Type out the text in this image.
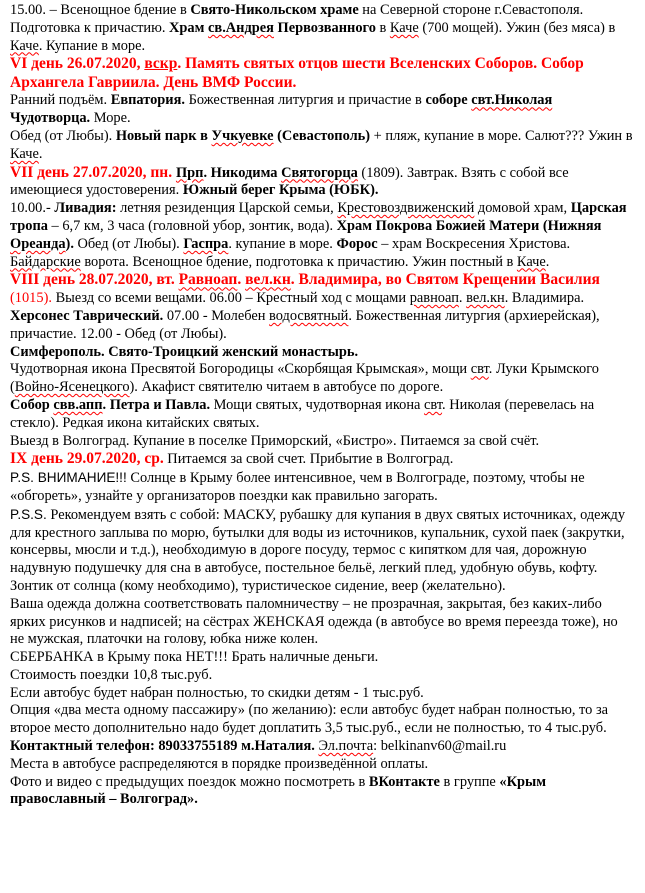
15.00. – Всенощное бдение в Свято-Никольском храме на Северной стороне г.Севастополя. Подготовка к причастию. Храм св.Андрея Первозванного в Каче (700 мощей). Ужин (без мяса) в Каче. Купание в море.

VI день 26.07.2020, вскр. Память святых отцов шести Вселенских Соборов. Собор Архангела Гавриила. День ВМФ России.

Ранний подъём. Евпатория. Божественная литургия и причастие в соборе свт.Николая Чудотворца. Море.

Обед (от Любы). Новый парк в Учкуевке (Севастополь) + пляж, купание в море. Салют??? Ужин в Каче.

VII день 27.07.2020, пн. Прп. Никодима Святогорца (1809). Завтрак. Взять с собой все имеющиеся удостоверения. Южный берег Крыма (ЮБК).

10.00.- Ливадия: летняя резиденция Царской семьи, Крестовоздвиженский домовой храм, Царская тропа – 6,7 км, 3 часа (головной убор, зонтик, вода). Храм Покрова Божией Матери (Нижняя Ореанда). Обед (от Любы). Гаспра. купание в море. Форос – храм Воскресения Христова. Байдарские ворота. Всенощное бдение, подготовка к причастию. Ужин постный в Каче.

VIII день 28.07.2020, вт. Равноап. вел.кн. Владимира, во Святом Крещении Василия (1015). Выезд со всеми вещами. 06.00 – Крестный ход с мощами равноап. вел.кн. Владимира. Херсонес Таврический. 07.00 - Молебен водосвятный. Божественная литургия (архиерейская), причастие. 12.00 - Обед (от Любы).

Симферополь. Свято-Троицкий женский монастырь.

Чудотворная икона Пресвятой Богородицы «Скорбящая Крымская», мощи свт. Луки Крымского (Войно-Ясенецкого). Акафист святителю читаем в автобусе по дороге.

Собор свв.апп. Петра и Павла. Мощи святых, чудотворная икона свт. Николая (перевелась на стекло). Редкая икона китайских святых.

Выезд в Волгоград. Купание в поселке Приморский, «Бистро». Питаемся за свой счёт.

IX день 29.07.2020, ср. Питаемся за свой счет. Прибытие в Волгоград.

P.S. ВНИМАНИЕ!!! Солнце в Крыму более интенсивное, чем в Волгограде, поэтому, чтобы не «обгореть», узнайте у организаторов поездки как правильно загорать.

P.S.S. Рекомендуем взять с собой: МАСКУ, рубашку для купания в двух святых источниках, одежду для крестного заплыва по морю, бутылки для воды из источников, купальник, сухой паек (закрутки, консервы, мюсли и т.д.), необходимую в дороге посуду, термос с кипятком для чая, дорожную надувную подушечку для сна в автобусе, постельное бельё, легкий плед, удобную обувь, кофту. Зонтик от солнца (кому необходимо), туристическое сидение, веер (желательно).

Ваша одежда должна соответствовать паломничеству – не прозрачная, закрытая, без каких-либо ярких рисунков и надписей; на сёстрах ЖЕНСКАЯ одежда (в автобусе во время переезда тоже), но не мужская, платочки на голову, юбка ниже колен.

СБЕРБАНКА в Крыму пока НЕТ!!! Брать наличные деньги.

Стоимость поездки 10,8 тыс.руб.

Если автобус будет набран полностью, то скидки детям - 1 тыс.руб.

Опция «два места одному пассажиру» (по желанию): если автобус будет набран полностью, то за второе место дополнительно надо будет доплатить 3,5 тыс.руб., если не полностью, то 4 тыс.руб.

Контактный телефон: 89033755189 м.Наталия. Эл.почта: belkinanv60@mail.ru

Места в автобусе распределяются в порядке произведённой оплаты.

Фото и видео с предыдущих поездок можно посмотреть в ВКонтакте в группе «Крым православный – Волгоград».
